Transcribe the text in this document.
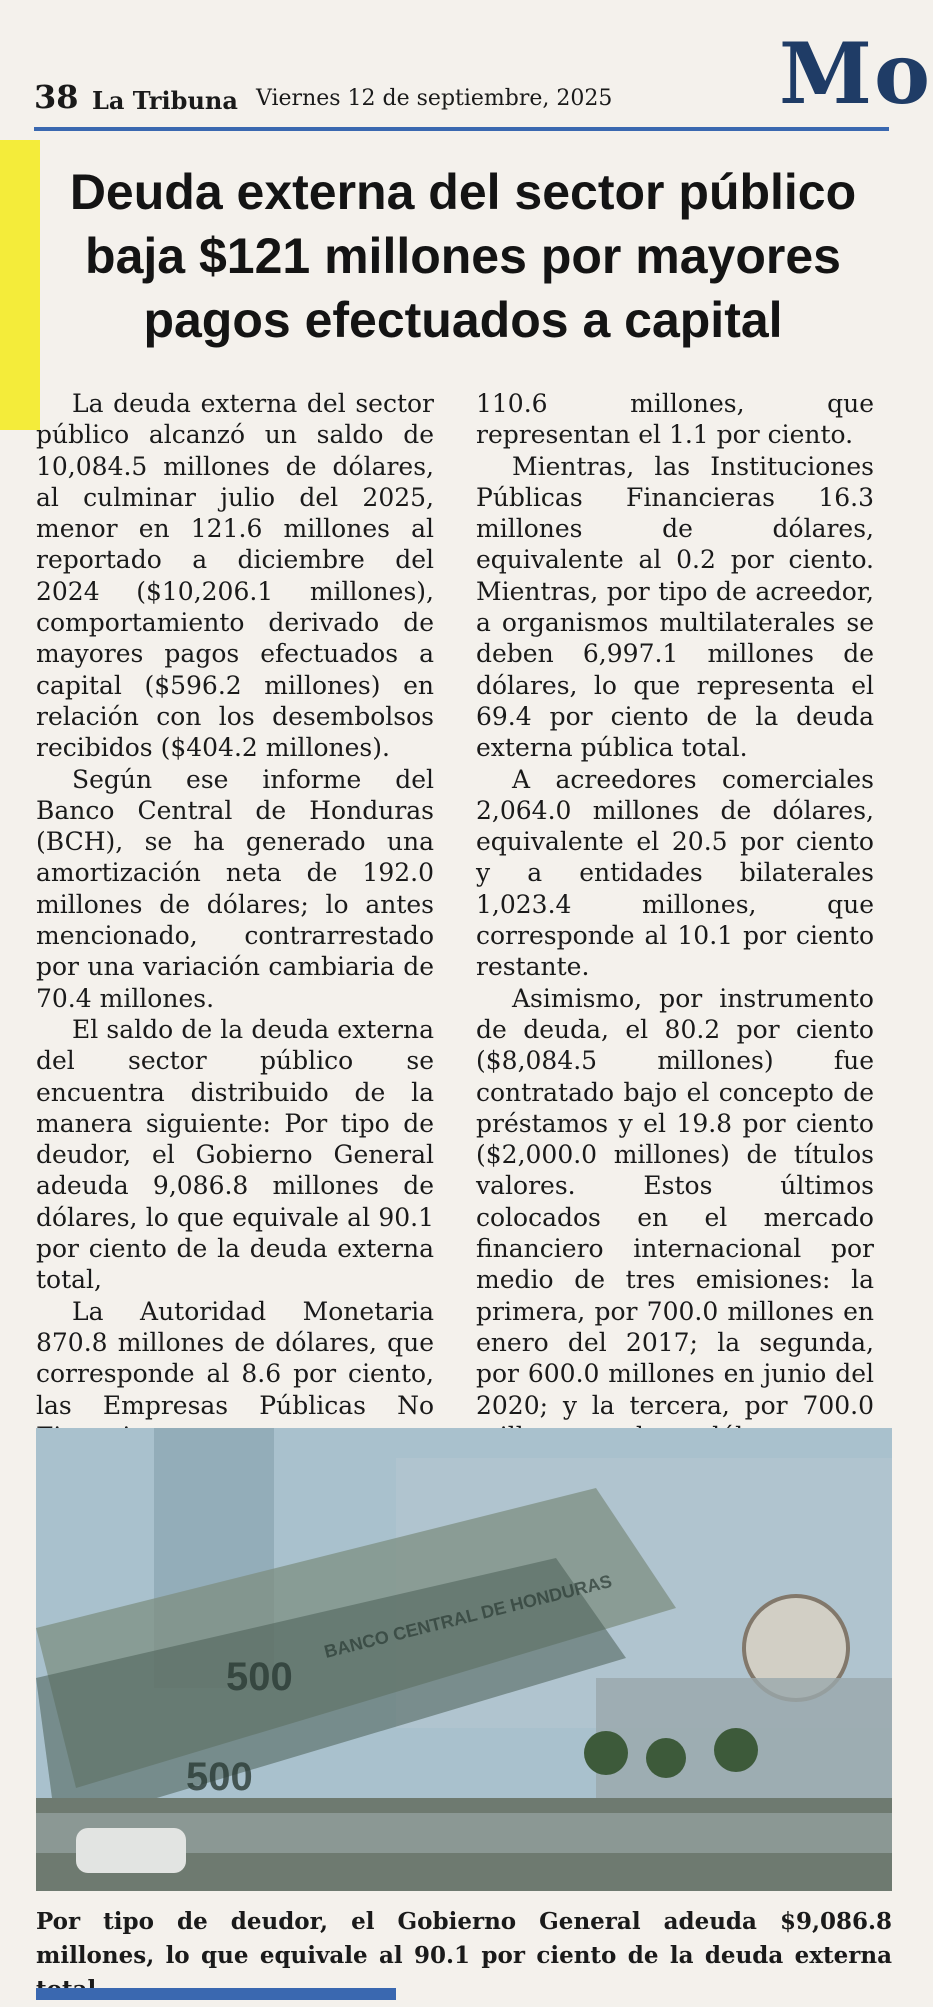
38 La Tribuna Viernes 12 de septiembre, 2025 Mo
Deuda externa del sector público baja $121 millones por mayores pagos efectuados a capital

La deuda externa del sector público alcanzó un saldo de 10,084.5 millones de dólares, al culminar julio del 2025, menor en 121.6 millones al reportado a diciembre del 2024 ($10,206.1 millones), comportamiento derivado de mayores pagos efectuados a capital ($596.2 millones) en relación con los desembolsos recibidos ($404.2 millones).

Según ese informe del Banco Central de Honduras (BCH), se ha generado una amortización neta de 192.0 millones de dólares; lo antes mencionado, contrarrestado por una variación cambiaria de 70.4 millones.

El saldo de la deuda externa del sector público se encuentra distribuido de la manera siguiente: Por tipo de deudor, el Gobierno General adeuda 9,086.8 millones de dólares, lo que equivale al 90.1 por ciento de la deuda externa total,

La Autoridad Monetaria 870.8 millones de dólares, que corresponde al 8.6 por ciento, las Empresas Públicas No

110.6 millones, que representan el 1.1 por ciento.

Mientras, las Instituciones Públicas Financieras 16.3 millones de dólares, equivalente al 0.2 por ciento. Mientras, por tipo de acreedor, a organismos multilaterales se deben 6,997.1 millones de dólares, lo que representa el 69.4 por ciento de la deuda externa pública total.

A acreedores comerciales 2,064.0 millones de dólares, equivalente el 20.5 por ciento y a entidades bilaterales 1,023.4 millones, que corresponde al 10.1 por ciento restante.

Asimismo, por instrumento de deuda, el 80.2 por ciento ($8,084.5 millones) fue contratado bajo el concepto de préstamos y el 19.8 por ciento ($2,000.0 millones) de títulos valores. Estos últimos colocados en el mercado financiero internacional por medio de tres emisiones: la primera, por 700.0 millones en enero del 2017; la segunda, por 600.0 millones en junio del 2020; y la tercera, por 700.0

500
500
BANCO CENTRAL DE HONDURAS

Por tipo de deudor, el Gobierno General adeuda $9,086.8 millones, lo que equivale al 90.1 por ciento de la deuda externa
